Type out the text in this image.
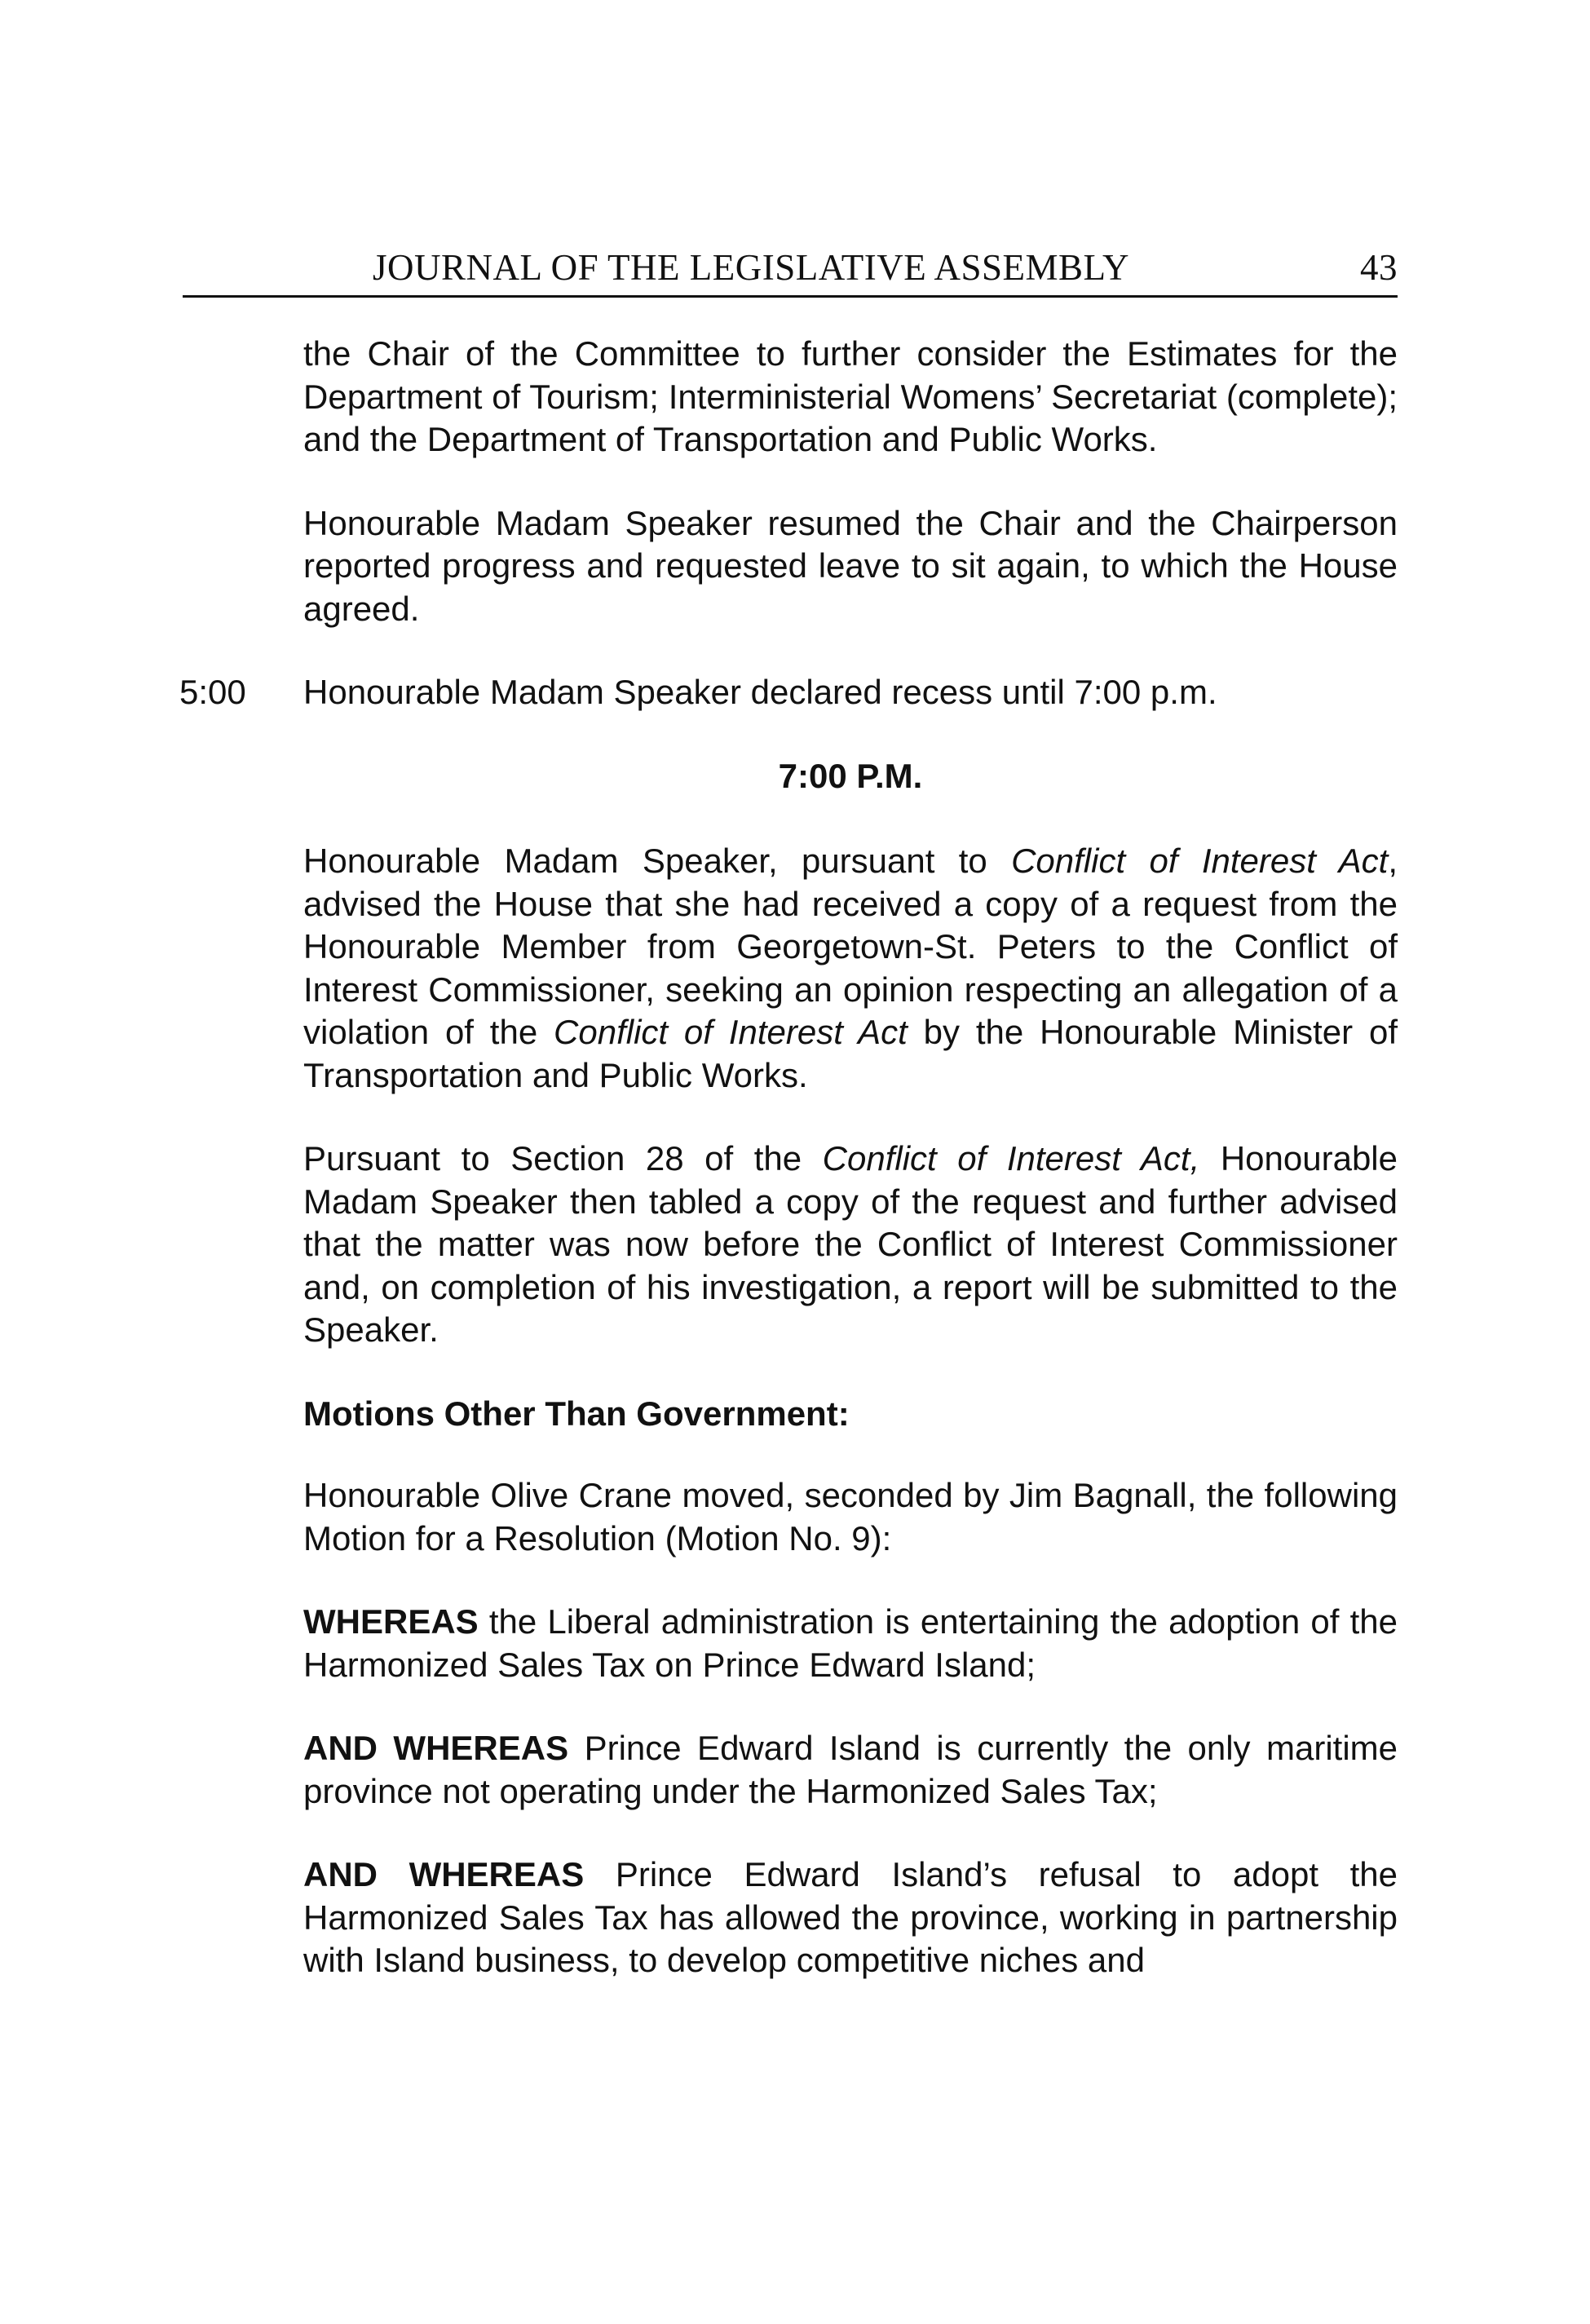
JOURNAL OF THE LEGISLATIVE ASSEMBLY	43

the Chair of the Committee to further consider the Estimates for the Department of Tourism; Interministerial Womens’ Secretariat (complete); and the Department of Transportation and Public Works.

Honourable Madam Speaker resumed the Chair and the Chairperson reported progress and requested leave to sit again, to which the House agreed.

5:00 Honourable Madam Speaker declared recess until 7:00 p.m.
7:00 P.M.

Honourable Madam Speaker, pursuant to Conflict of Interest Act, advised the House that she had received a copy of a request from the Honourable Member from Georgetown-St. Peters to the Conflict of Interest Commissioner, seeking an opinion respecting an allegation of a violation of the Conflict of Interest Act by the Honourable Minister of Transportation and Public Works.

Pursuant to Section 28 of the Conflict of Interest Act, Honourable Madam Speaker then tabled a copy of the request and further advised that the matter was now before the Conflict of Interest Commissioner and, on completion of his investigation, a report will be submitted to the Speaker.

Motions Other Than Government:

Honourable Olive Crane moved, seconded by Jim Bagnall, the following Motion for a Resolution (Motion No. 9):

WHEREAS the Liberal administration is entertaining the adoption of the Harmonized Sales Tax on Prince Edward Island;

AND WHEREAS Prince Edward Island is currently the only maritime province not operating under the Harmonized Sales Tax;

AND WHEREAS Prince Edward Island’s refusal to adopt the Harmonized Sales Tax has allowed the province, working in partnership with Island business, to develop competitive niches and
